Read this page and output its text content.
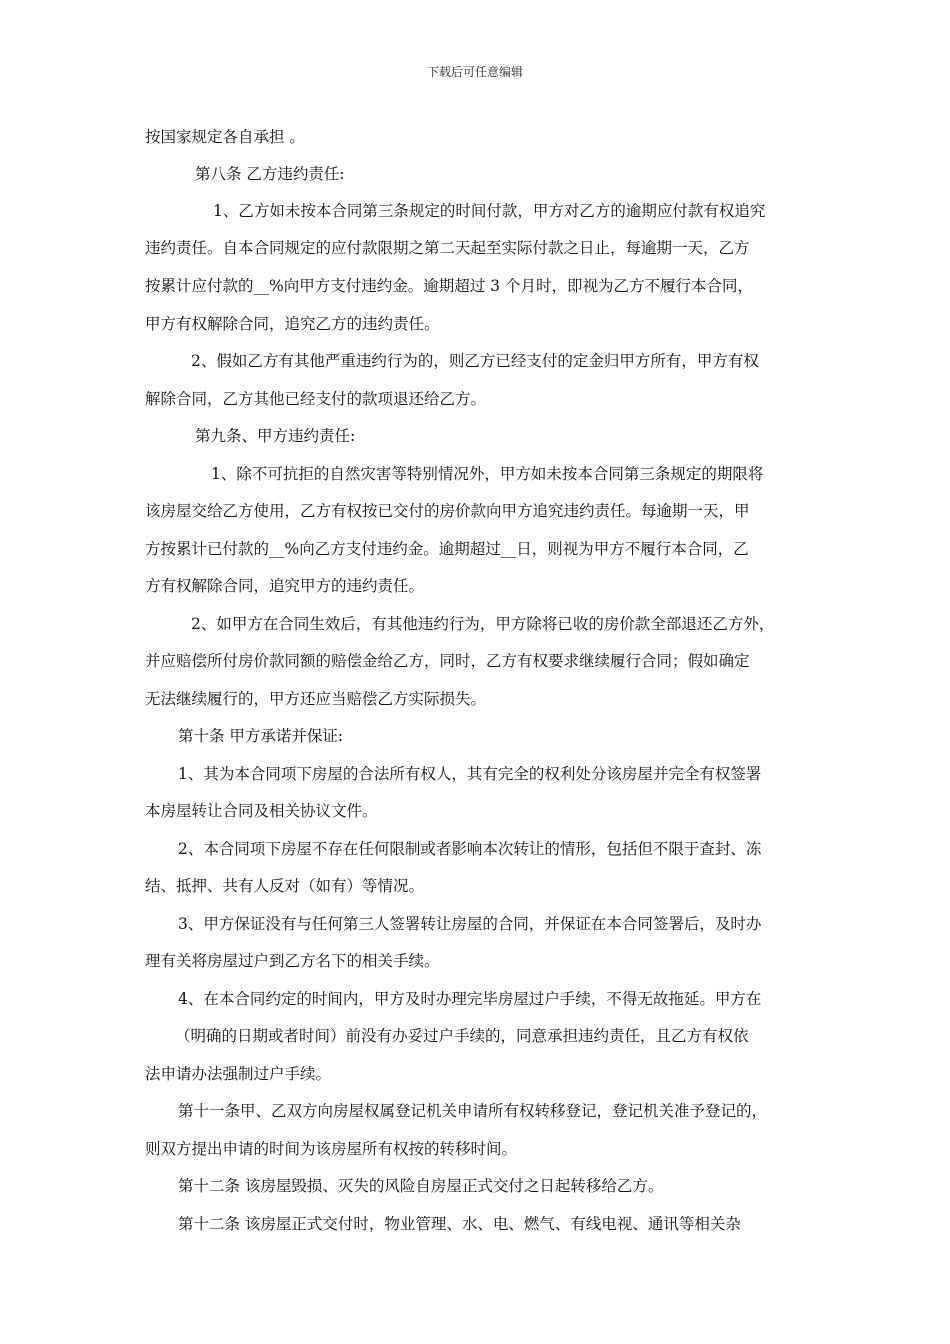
下载后可任意编辑
按国家规定各自承担 。
第八条 乙方违约责任:
1、乙方如未按本合同第三条规定的时间付款，甲方对乙方的逾期应付款有权追究
违约责任。自本合同规定的应付款限期之第二天起至实际付款之日止，每逾期一天，乙方
按累计应付款的__%向甲方支付违约金。逾期超过 3 个月时，即视为乙方不履行本合同，
甲方有权解除合同，追究乙方的违约责任。
2、假如乙方有其他严重违约行为的，则乙方已经支付的定金归甲方所有，甲方有权
解除合同，乙方其他已经支付的款项退还给乙方。
第九条、甲方违约责任:
1、除不可抗拒的自然灾害等特别情况外，甲方如未按本合同第三条规定的期限将
该房屋交给乙方使用，乙方有权按已交付的房价款向甲方追究违约责任。每逾期一天，甲
方按累计已付款的__%向乙方支付违约金。逾期超过__日，则视为甲方不履行本合同，乙
方有权解除合同，追究甲方的违约责任。
2、如甲方在合同生效后，有其他违约行为，甲方除将已收的房价款全部退还乙方外，
并应赔偿所付房价款同额的赔偿金给乙方，同时，乙方有权要求继续履行合同；假如确定
无法继续履行的，甲方还应当赔偿乙方实际损失。
第十条 甲方承诺并保证:
1、其为本合同项下房屋的合法所有权人，其有完全的权利处分该房屋并完全有权签署
本房屋转让合同及相关协议文件。
2、本合同项下房屋不存在任何限制或者影响本次转让的情形，包括但不限于查封、冻
结、抵押、共有人反对（如有）等情况。
3、甲方保证没有与任何第三人签署转让房屋的合同，并保证在本合同签署后，及时办
理有关将房屋过户到乙方名下的相关手续。
4、在本合同约定的时间内，甲方及时办理完毕房屋过户手续，不得无故拖延。甲方在
（明确的日期或者时间）前没有办妥过户手续的，同意承担违约责任，且乙方有权依
法申请办法强制过户手续。
第十一条甲、乙双方向房屋权属登记机关申请所有权转移登记，登记机关准予登记的，
则双方提出申请的时间为该房屋所有权按的转移时间。
第十二条 该房屋毁损、灭失的风险自房屋正式交付之日起转移给乙方。
第十二条 该房屋正式交付时，物业管理、水、电、燃气、有线电视、通讯等相关杂
